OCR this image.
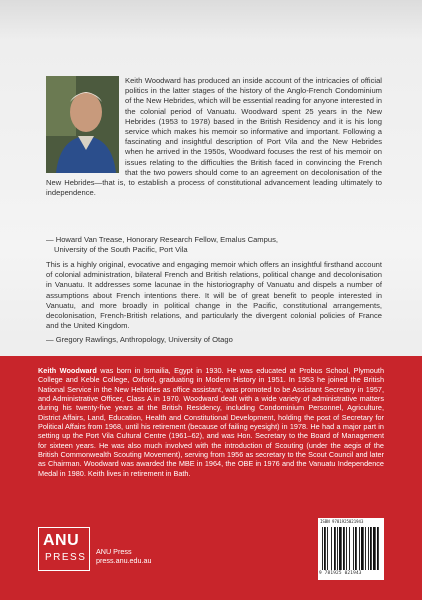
Keith Woodward has produced an inside account of the intricacies of official politics in the latter stages of the history of the Anglo-French Condominium of the New Hebrides, which will be essential reading for anyone interested in the colonial period of Vanuatu. Woodward spent 25 years in the New Hebrides (1953 to 1978) based in the British Residency and it is his long service which makes his memoir so informative and important. Following a fascinating and insightful description of Port Vila and the New Hebrides when he arrived in the 1950s, Woodward focuses the rest of his memoir on issues relating to the difficulties the British faced in convincing the French that the two powers should come to an agreement on decolonisation of the New Hebrides—that is, to establish a process of constitutional advancement leading ultimately to independence.
— Howard Van Trease, Honorary Research Fellow, Emalus Campus,
University of the South Pacific, Port Vila
This is a highly original, evocative and engaging memoir which offers an insightful firsthand account of colonial administration, bilateral French and British relations, political change and decolonisation in Vanuatu. It addresses some lacunae in the historiography of Vanuatu and dispels a number of assumptions about French intentions there. It will be of great benefit to people interested in Vanuatu, and more broadly in political change in the Pacific, constitutional arrangements, decolonisation, French-British relations, and particularly the divergent colonial policies of France and the United Kingdom.
— Gregory Rawlings, Anthropology, University of Otago
Keith Woodward was born in Ismailia, Egypt in 1930. He was educated at Probus School, Plymouth College and Keble College, Oxford, graduating in Modern History in 1951. In 1953 he joined the British National Service in the New Hebrides as office assistant, was promoted to be Assistant Secretary in 1957, and Administrative Officer, Class A in 1970. Woodward dealt with a wide variety of administrative matters during his twenty-five years at the British Residency, including Condominium Personnel, Agriculture, District Affairs, Land, Education, Health and Constitutional Development, holding the post of Secretary for Political Affairs from 1968, until his retirement (because of failing eyesight) in 1978. He had a major part in setting up the Port Vila Cultural Centre (1961–62), and was Hon. Secretary to the Board of Management for sixteen years. He was also much involved with the introduction of Scouting (under the aegis of the British Commonwealth Scouting Movement), serving from 1956 as secretary to the Scout Council and later as Chairman. Woodward was awarded the MBE in 1964, the OBE in 1976 and the Vanuatu Independence Medal in 1980. Keith lives in retirement in Bath.
ANU
PRESS
ANU Press
press.anu.edu.au
ISBN 9781925021943
9 781925 021943
